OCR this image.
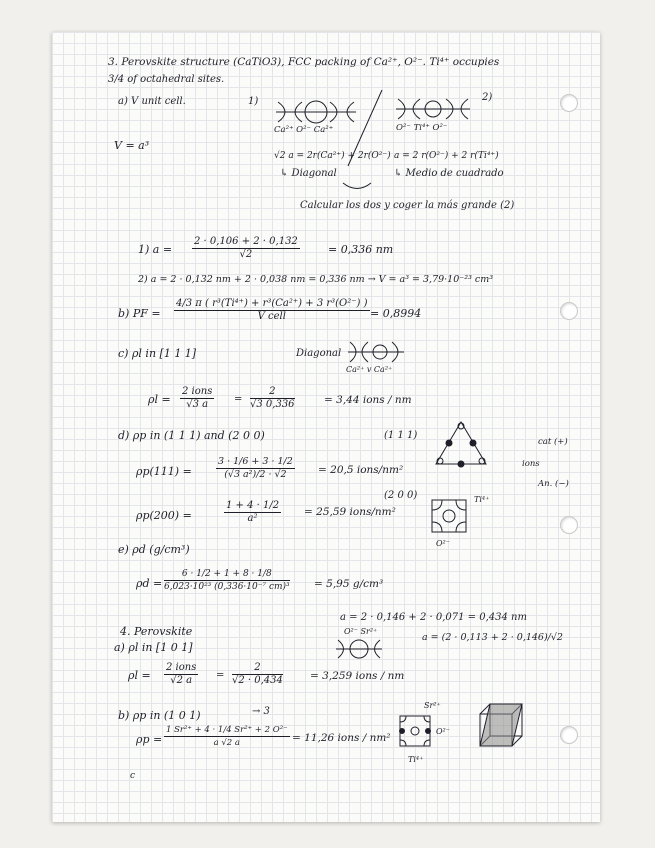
3. Perovskite structure (CaTiO3), FCC packing of Ca²⁺, O²⁻. Ti⁴⁺ occupies
3/4 of octahedral sites.
a) V unit cell.	1)	2)
Ca²⁺ O²⁻ Ca²⁺	O²⁻ Ti⁴⁺ O²⁻
V = a³
√2 a = 2r(Ca²⁺) + 2r(O²⁻)
↳ Diagonal
a = 2 r(O²⁻) + 2 r(Ti⁴⁺)
↳ Medio de cuadrado
Calcular los dos y coger la más grande (2)
1) $a = \frac{2 \cdot 0,106 + 2 \cdot 0,132}{√2}$	= 0,336 nm
2) a = 2 · 0,132 nm + 2 · 0,038 nm = 0,336 nm → V = a³ = 3,79·10⁻²³ cm³
b) PF =
4/3 π ( r³(Ti⁴⁺) + r³(Ca²⁺) + 3 r³(O²⁻) )
V cell	= 0,8994
c) ρl in [1 1 1]	Diagonal
Ca²⁺ v Ca²⁺
ρl =
2 ions
√3 a	= $\frac{2}{√3 0,336}$	= 3,44 ions / nm
d) ρp in (1 1 1) and (2 0 0)	(1 1 1)
ions
cat (+)
An. (−)
ρp(111) =	$\frac{3 \cdot 1/6 + 3 \cdot 1/2}{\text{(√3 a²)/2 · √2}} = 20,5$ ions/nm²
ρp(200) =	$\frac{1 + 4 \cdot 1/2}{\text{a²}} = 25,59$ ions/nm²
(2 0 0)	Ti⁴⁺
O²⁻
e) ρd (g/cm³)
$\rho d = \frac{6 \cdot 1/2 + 1 + 8 \cdot 1/8}{\text{6,023·10²³ (0,336·10⁻⁷ cm)³}} = 5,95$ g/cm³
a = 2 · 0,146 + 2 · 0,071 = 0,434 nm
4. Perovskite	O²⁻ Sr²⁺
a = (2 · 0,113 + 2 · 0,146)/√2
a) ρl in [1 0 1]
ρl =
2 ions
√2 a	= $\frac{2}{√2 \cdot 0,434}$	= 3,259 ions / nm
b) ρp in (1 0 1)	→ 3
$\rho p = \frac{\text{1 Sr²⁺ + 4 · 1/4 Sr²⁺ + 2 O²⁻}}{a √2 a} = 11,26$ ions / nm²
Sr²⁺
O²⁻
Ti⁴⁺
c
